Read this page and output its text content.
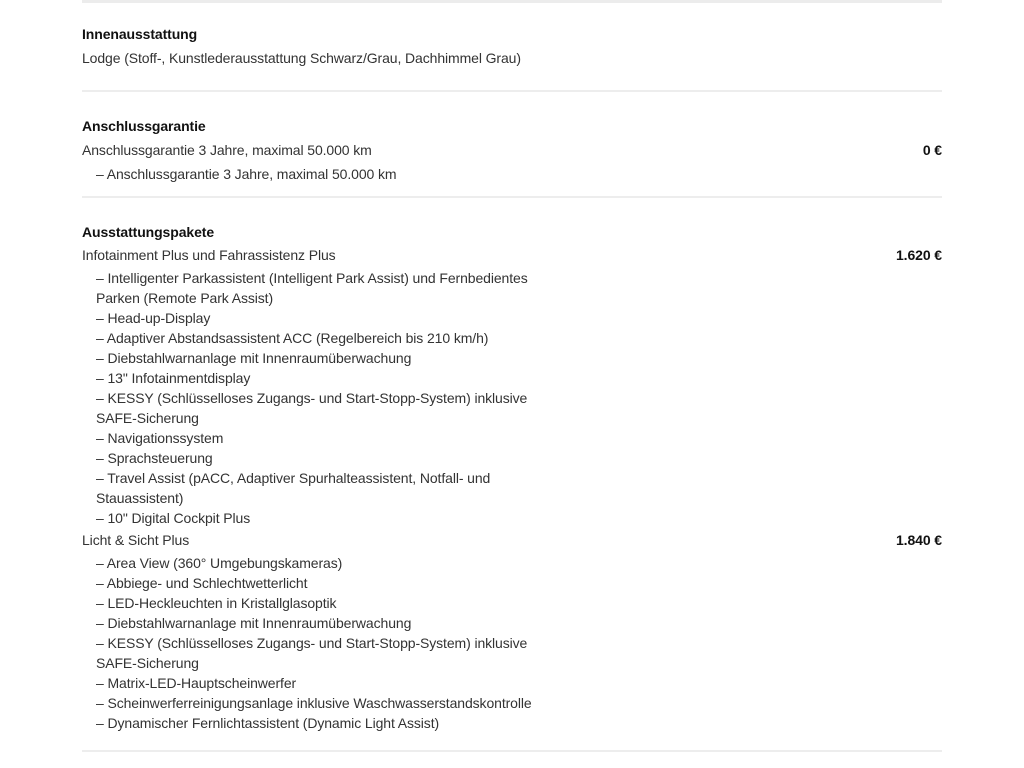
Innenausstattung
Lodge (Stoff-, Kunstlederausstattung Schwarz/Grau, Dachhimmel Grau)
Anschlussgarantie
Anschlussgarantie 3 Jahre, maximal 50.000 km	0 €
– Anschlussgarantie 3 Jahre, maximal 50.000 km
Ausstattungspakete
Infotainment Plus und Fahrassistenz Plus	1.620 €
– Intelligenter Parkassistent (Intelligent Park Assist) und Fernbedientes
Parken (Remote Park Assist)
– Head-up-Display
– Adaptiver Abstandsassistent ACC (Regelbereich bis 210 km/h)
– Diebstahlwarnanlage mit Innenraumüberwachung
– 13" Infotainmentdisplay
– KESSY (Schlüsselloses Zugangs- und Start-Stopp-System) inklusive
SAFE-Sicherung
– Navigationssystem
– Sprachsteuerung
– Travel Assist (pACC, Adaptiver Spurhalteassistent, Notfall- und
Stauassistent)
– 10" Digital Cockpit Plus
Licht & Sicht Plus	1.840 €
– Area View (360° Umgebungskameras)
– Abbiege- und Schlechtwetterlicht
– LED-Heckleuchten in Kristallglasoptik
– Diebstahlwarnanlage mit Innenraumüberwachung
– KESSY (Schlüsselloses Zugangs- und Start-Stopp-System) inklusive
SAFE-Sicherung
– Matrix-LED-Hauptscheinwerfer
– Scheinwerferreinigungsanlage inklusive Waschwasserstandskontrolle
– Dynamischer Fernlichtassistent (Dynamic Light Assist)
